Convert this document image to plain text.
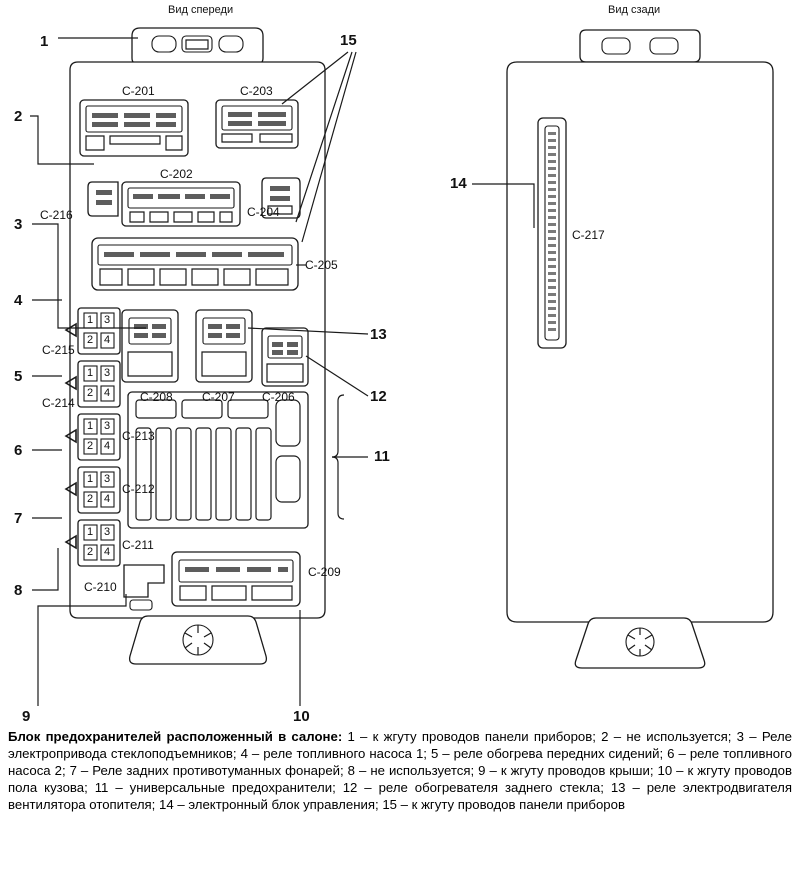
Вид спереди	Вид сзади
1
2
3
4
5
6
7
8
9	10
11
12
13
14
15
C-201
C-202
C-203
C-204
C-205
C-206
C-207
C-208
C-209
C-210
C-211
C-212
C-213
C-214
C-215
C-216
C-217
1 3
2 4
1 3
2 4
1 3
2 4
1 3
2 4
1 3
2 4
Блок предохранителей расположенный в салоне: 1 – к жгуту проводов панели приборов; 2 – не используется; 3 – Реле электропривода стеклоподъемников; 4 – реле топливного насоса 1; 5 – реле обогрева передних сидений; 6 – реле топливного насоса 2; 7 – Реле задних противотуманных фонарей; 8 – не используется; 9 – к жгуту проводов крыши; 10 – к жгуту проводов пола кузова; 11 – универсальные предохранители; 12 – реле обогревателя заднего стекла; 13 – реле электродвигателя вентилятора отопителя; 14 – электронный блок управления; 15 – к жгуту проводов панели приборов
